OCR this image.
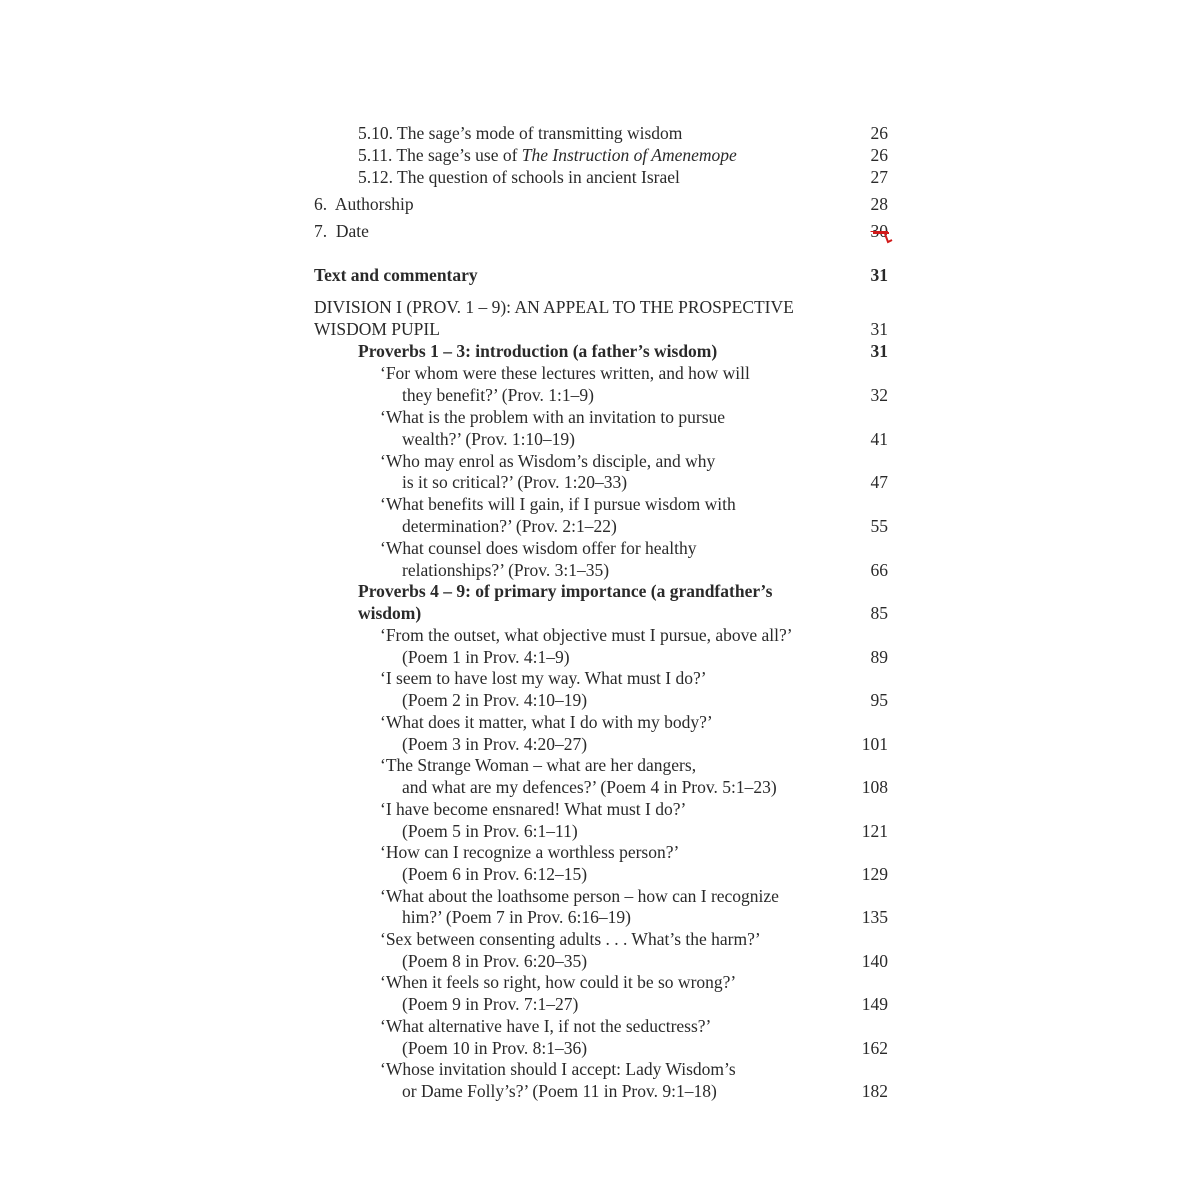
5.10. The sage’s mode of transmitting wisdom	26
5.11. The sage’s use of The Instruction of Amenemope	26
5.12. The question of schools in ancient Israel	27
6.  Authorship	28
7.  Date	30
Text and commentary	31
DIVISION I (PROV. 1 – 9): AN APPEAL TO THE PROSPECTIVE
WISDOM PUPIL	31
Proverbs 1 – 3: introduction (a father’s wisdom)	31
‘For whom were these lectures written, and how will
they benefit?’ (Prov. 1:1–9)	32
‘What is the problem with an invitation to pursue
wealth?’ (Prov. 1:10–19)	41
‘Who may enrol as Wisdom’s disciple, and why
is it so critical?’ (Prov. 1:20–33)	47
‘What benefits will I gain, if I pursue wisdom with
determination?’ (Prov. 2:1–22)	55
‘What counsel does wisdom offer for healthy
relationships?’ (Prov. 3:1–35)	66
Proverbs 4 – 9: of primary importance (a grandfather’s
wisdom)	85
‘From the outset, what objective must I pursue, above all?’
(Poem 1 in Prov. 4:1–9)	89
‘I seem to have lost my way. What must I do?’
(Poem 2 in Prov. 4:10–19)	95
‘What does it matter, what I do with my body?’
(Poem 3 in Prov. 4:20–27)	101
‘The Strange Woman – what are her dangers,
and what are my defences?’ (Poem 4 in Prov. 5:1–23)	108
‘I have become ensnared! What must I do?’
(Poem 5 in Prov. 6:1–11)	121
‘How can I recognize a worthless person?’
(Poem 6 in Prov. 6:12–15)	129
‘What about the loathsome person – how can I recognize
him?’ (Poem 7 in Prov. 6:16–19)	135
‘Sex between consenting adults . . . What’s the harm?’
(Poem 8 in Prov. 6:20–35)	140
‘When it feels so right, how could it be so wrong?’
(Poem 9 in Prov. 7:1–27)	149
‘What alternative have I, if not the seductress?’
(Poem 10 in Prov. 8:1–36)	162
‘Whose invitation should I accept: Lady Wisdom’s
or Dame Folly’s?’ (Poem 11 in Prov. 9:1–18)	182
